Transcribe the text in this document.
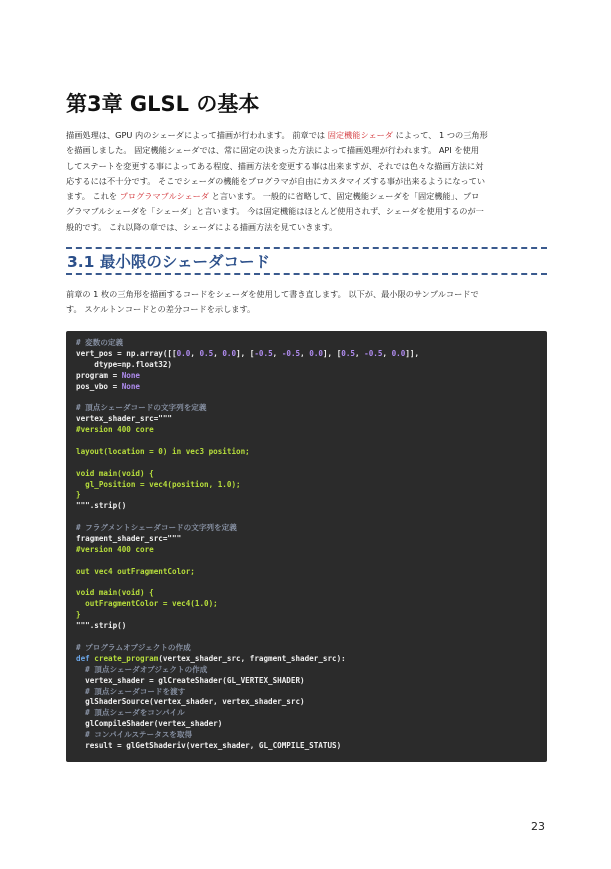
第3章 GLSL の基本

描画処理は、GPU 内のシェーダによって描画が行われます。 前章では 固定機能シェーダ によって、 1 つの三角形

を描画しました。 固定機能シェーダでは、常に固定の決まった方法によって描画処理が行われます。 API を使用

してステートを変更する事によってある程度、描画方法を変更する事は出来ますが、それでは色々な描画方法に対

応するには不十分です。 そこでシェーダの機能をプログラマが自由にカスタマイズする事が出来るようになってい

ます。 これを プログラマブルシェーダ と言います。 一般的に省略して、固定機能シェーダを「固定機能」、プロ

グラマブルシェーダを「シェーダ」と言います。 今は固定機能はほとんど使用されず、シェーダを使用するのが一

般的です。 これ以降の章では、シェーダによる描画方法を見ていきます。

3.1 最小限のシェーダコード

前章の 1 枚の三角形を描画するコードをシェーダを使用して書き直します。 以下が、最小限のサンプルコードで

す。 スケルトンコードとの差分コードを示します。

# 変数の定義
vert_pos = np.array([[0.0, 0.5, 0.0], [-0.5, -0.5, 0.0], [0.5, -0.5, 0.0]],
dtype=np.float32)
program = None
pos_vbo = None
# 頂点シェーダコードの文字列を定義
vertex_shader_src="""
#version 400 core
layout(location = 0) in vec3 position;
void main(void) {
gl_Position = vec4(position, 1.0);
}
""".strip()
# フラグメントシェーダコードの文字列を定義
fragment_shader_src="""
#version 400 core
out vec4 outFragmentColor;
void main(void) {
outFragmentColor = vec4(1.0);
}
""".strip()
# プログラムオブジェクトの作成
def create_program(vertex_shader_src, fragment_shader_src):
# 頂点シェーダオブジェクトの作成
vertex_shader = glCreateShader(GL_VERTEX_SHADER)
# 頂点シェーダコードを渡す
glShaderSource(vertex_shader, vertex_shader_src)
# 頂点シェーダをコンパイル
glCompileShader(vertex_shader)
# コンパイルステータスを取得
result = glGetShaderiv(vertex_shader, GL_COMPILE_STATUS)
23
